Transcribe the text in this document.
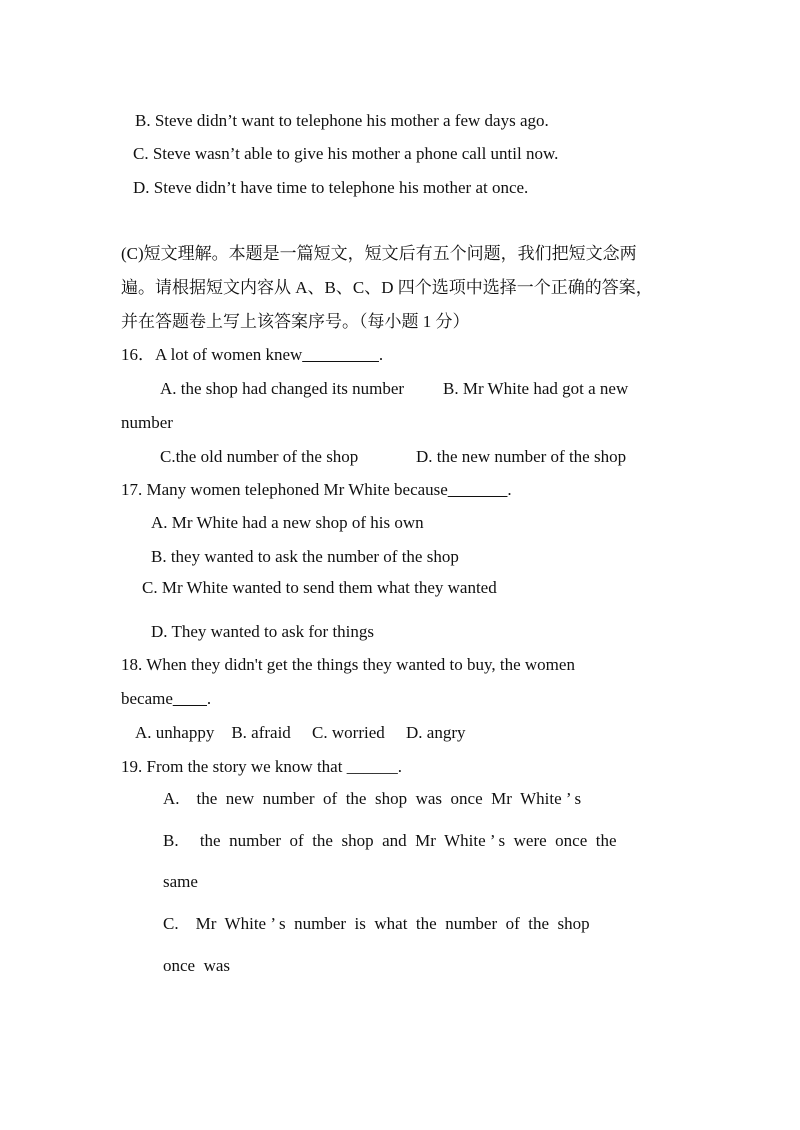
B. Steve didn’t want to telephone his mother a few days ago.
C. Steve wasn’t able to give his mother a phone call until now.
D. Steve didn’t have time to telephone his mother at once.
(C)短文理解。本题是一篇短文，短文后有五个问题，我们把短文念两
遍。请根据短文内容从 A、B、C、D 四个选项中选择一个正确的答案，
并在答题卷上写上该答案序号。（每小题 1 分）
16．A lot of women knew_________.
A. the shop had changed its number B. Mr White had got a new
number
C.the old number of the shop	D. the new number of the shop
17. Many women telephoned Mr White because_______.
A. Mr White had a new shop of his own
B. they wanted to ask the number of the shop
C. Mr White wanted to send them what they wanted
D. They wanted to ask for things
18. When they didn't get the things they wanted to buy, the women
became____.
A. unhappy    B. afraid     C. worried     D. angry
19. From the story we know that ______.
A.    the  new  number  of  the  shop  was  once  Mr  White ’ s
B.     the  number  of  the  shop  and  Mr  White ’ s  were  once  the
same
C.    Mr  White ’ s  number  is  what  the  number  of  the  shop
once  was
